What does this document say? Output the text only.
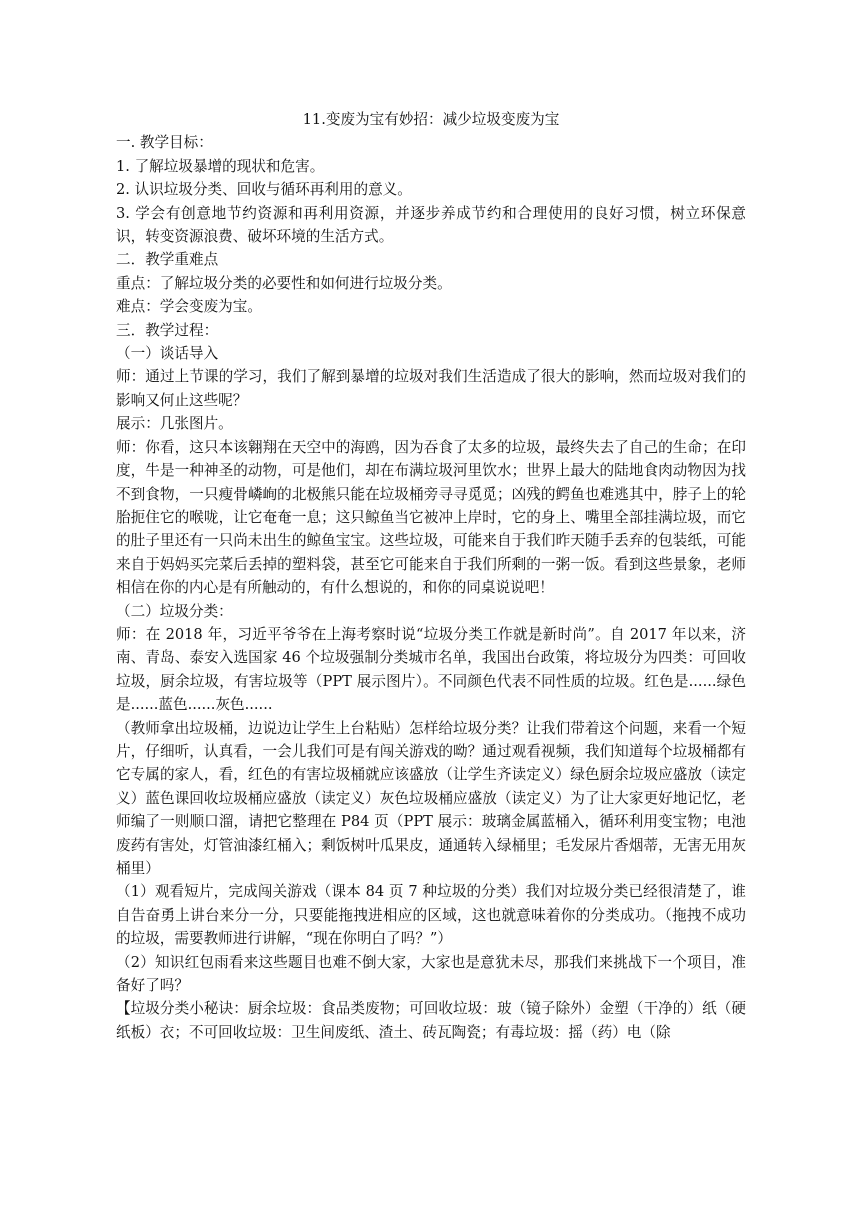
11.变废为宝有妙招：减少垃圾变废为宝

一. 教学目标：

1. 了解垃圾暴增的现状和危害。

2. 认识垃圾分类、回收与循环再利用的意义。

3. 学会有创意地节约资源和再利用资源，并逐步养成节约和合理使用的良好习惯，树立环保意识，转变资源浪费、破坏环境的生活方式。

二．教学重难点

重点：了解垃圾分类的必要性和如何进行垃圾分类。

难点：学会变废为宝。

三．教学过程：

（一）谈话导入

师：通过上节课的学习，我们了解到暴增的垃圾对我们生活造成了很大的影响，然而垃圾对我们的影响又何止这些呢？

展示：几张图片。

师：你看，这只本该翱翔在天空中的海鸥，因为吞食了太多的垃圾，最终失去了自己的生命；在印度，牛是一种神圣的动物，可是他们，却在布满垃圾河里饮水；世界上最大的陆地食肉动物因为找不到食物，一只瘦骨嶙峋的北极熊只能在垃圾桶旁寻寻觅觅；凶残的鳄鱼也难逃其中，脖子上的轮胎扼住它的喉咙，让它奄奄一息；这只鲸鱼当它被冲上岸时，它的身上、嘴里全部挂满垃圾，而它的肚子里还有一只尚未出生的鲸鱼宝宝。这些垃圾，可能来自于我们昨天随手丢弃的包装纸，可能来自于妈妈买完菜后丢掉的塑料袋，甚至它可能来自于我们所剩的一粥一饭。看到这些景象，老师相信在你的内心是有所触动的，有什么想说的，和你的同桌说说吧！

（二）垃圾分类：

师：在 2018 年，习近平爷爷在上海考察时说“垃圾分类工作就是新时尚”。自 2017 年以来，济南、青岛、泰安入选国家 46 个垃圾强制分类城市名单，我国出台政策，将垃圾分为四类：可回收垃圾，厨余垃圾，有害垃圾等（PPT 展示图片）。不同颜色代表不同性质的垃圾。红色是......绿色是......蓝色......灰色......

（教师拿出垃圾桶，边说边让学生上台粘贴）怎样给垃圾分类？让我们带着这个问题，来看一个短片，仔细听，认真看，一会儿我们可是有闯关游戏的呦？通过观看视频，我们知道每个垃圾桶都有它专属的家人，看，红色的有害垃圾桶就应该盛放（让学生齐读定义）绿色厨余垃圾应盛放（读定义）蓝色课回收垃圾桶应盛放（读定义）灰色垃圾桶应盛放（读定义）为了让大家更好地记忆，老师编了一则顺口溜，请把它整理在 P84 页（PPT 展示：玻璃金属蓝桶入，循环利用变宝物；电池废药有害处，灯管油漆红桶入；剩饭树叶瓜果皮，通通转入绿桶里；毛发尿片香烟蒂，无害无用灰桶里）

（1）观看短片，完成闯关游戏（课本 84 页 7 种垃圾的分类）我们对垃圾分类已经很清楚了，谁自告奋勇上讲台来分一分，只要能拖拽进相应的区域，这也就意味着你的分类成功。（拖拽不成功的垃圾，需要教师进行讲解，“现在你明白了吗？”）

（2）知识红包雨看来这些题目也难不倒大家，大家也是意犹未尽，那我们来挑战下一个项目，准备好了吗？

【垃圾分类小秘诀：厨余垃圾：食品类废物；可回收垃圾：玻（镜子除外）金塑（干净的）纸（硬纸板）衣；不可回收垃圾：卫生间废纸、渣土、砖瓦陶瓷；有毒垃圾：摇（药）电（除
